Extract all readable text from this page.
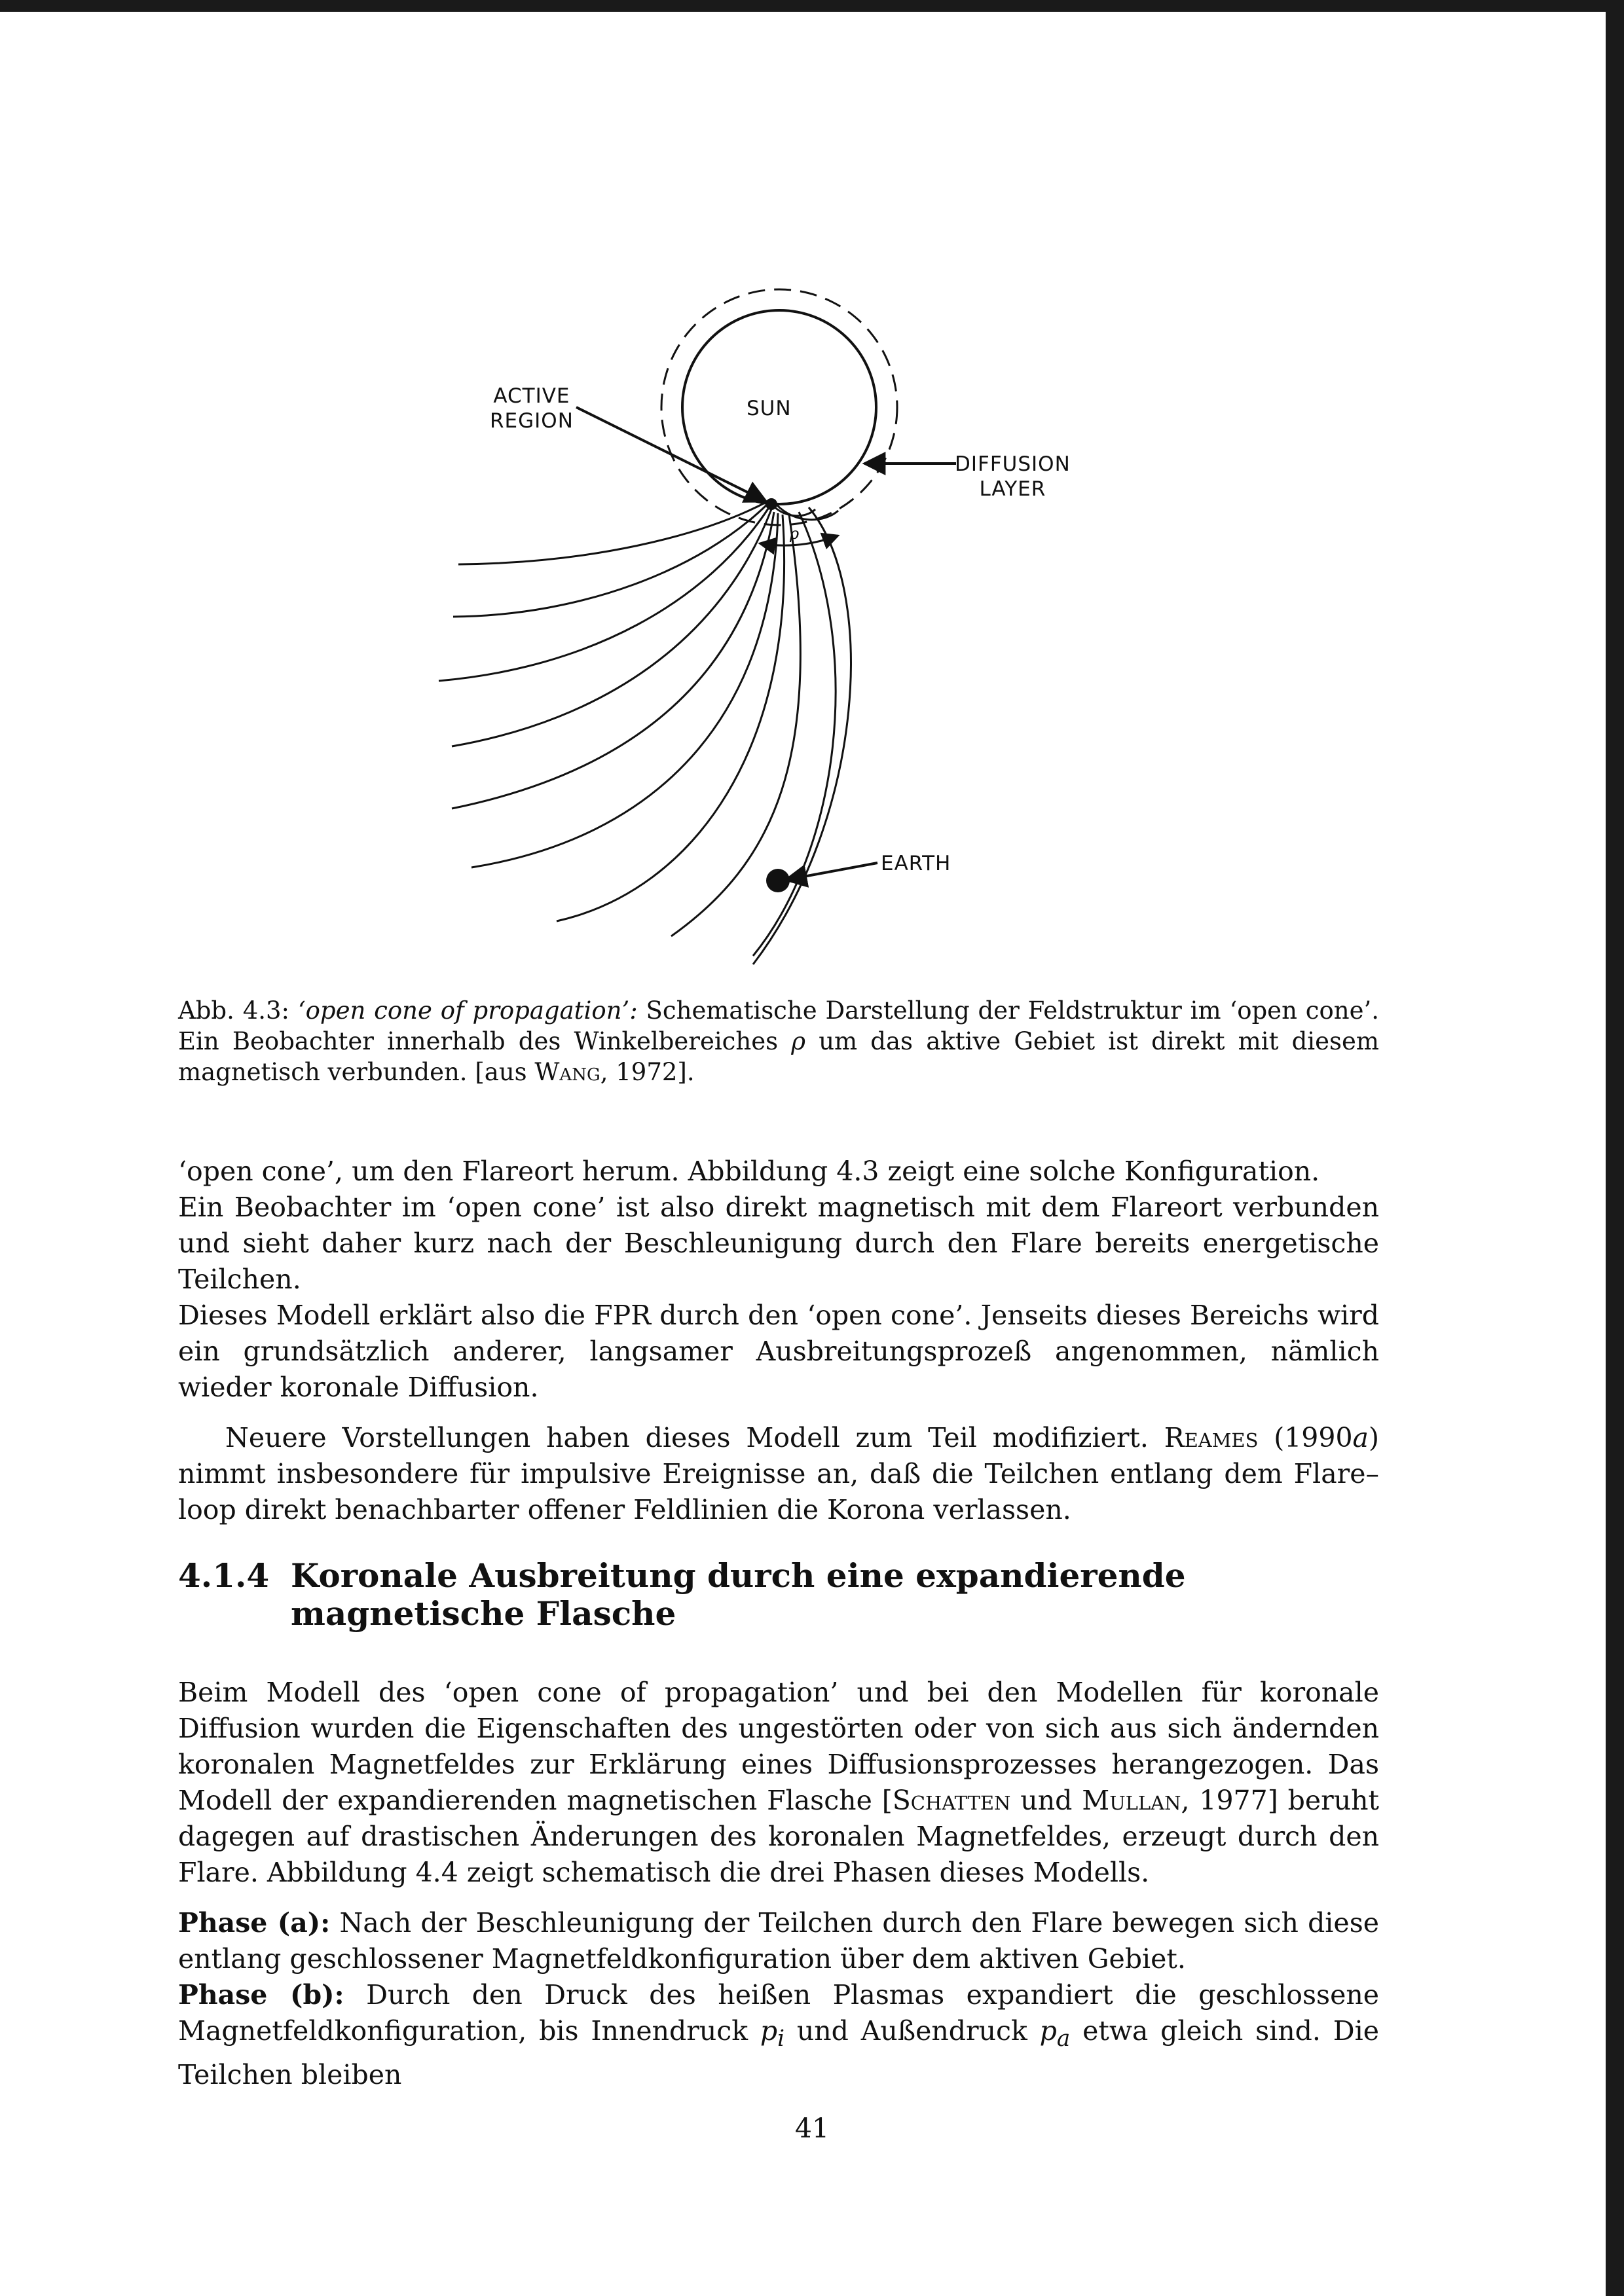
ACTIVE
REGION
SUN
DIFFUSION
LAYER
EARTH
ρ
Abb. 4.3: ‘open cone of propagation’: Schematische Darstellung der Feldstruktur im ‘open cone’. Ein Beobachter innerhalb des Winkelbereiches ρ um das aktive Gebiet ist direkt mit diesem magnetisch verbunden. [aus Wang, 1972].

‘open cone’, um den Flareort herum. Abbildung 4.3 zeigt eine solche Konfiguration.

Ein Beobachter im ‘open cone’ ist also direkt magnetisch mit dem Flareort verbunden und sieht daher kurz nach der Beschleunigung durch den Flare bereits energetische Teilchen.

Dieses Modell erklärt also die FPR durch den ‘open cone’. Jenseits dieses Bereichs wird ein grundsätzlich anderer, langsamer Ausbreitungsprozeß angenommen, nämlich wieder koronale Diffusion.

Neuere Vorstellungen haben dieses Modell zum Teil modifiziert. Reames (1990a) nimmt insbesondere für impulsive Ereignisse an, daß die Teilchen entlang dem Flare–loop direkt benachbarter offener Feldlinien die Korona verlassen.

4.1.4 Koronale Ausbreitung durch eine expandierende magnetische Flasche

Beim Modell des ‘open cone of propagation’ und bei den Modellen für koronale Diffusion wurden die Eigenschaften des ungestörten oder von sich aus sich ändernden koronalen Magnetfeldes zur Erklärung eines Diffusionsprozesses herangezogen. Das Modell der expandierenden magnetischen Flasche [Schatten und Mullan, 1977] beruht dagegen auf drastischen Änderungen des koronalen Magnetfeldes, erzeugt durch den Flare. Abbildung 4.4 zeigt schematisch die drei Phasen dieses Modells.

Phase (a): Nach der Beschleunigung der Teilchen durch den Flare bewegen sich diese entlang geschlossener Magnetfeldkonfiguration über dem aktiven Gebiet.

Phase (b): Durch den Druck des heißen Plasmas expandiert die geschlossene Magnetfeldkonfiguration, bis Innendruck $p_i$ und Außendruck $p_a$ etwa gleich sind. Die Teilchen bleiben

41
